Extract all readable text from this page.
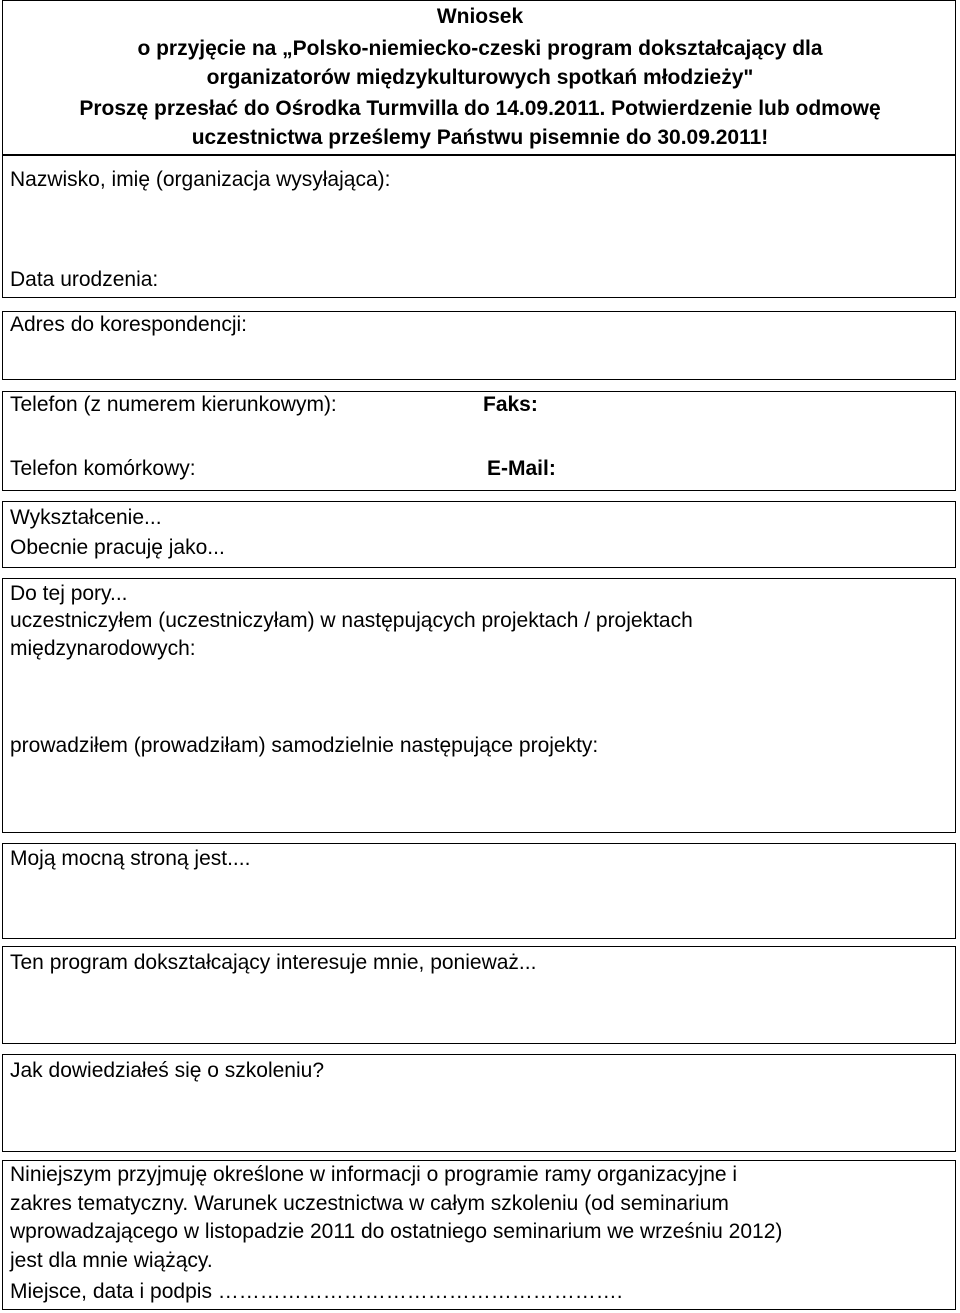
Wniosek
o przyjęcie na „Polsko-niemiecko-czeski program dokształcający dla
organizatorów międzykulturowych spotkań młodzieży"
Proszę przesłać do Ośrodka Turmvilla do 14.09.2011. Potwierdzenie lub odmowę
uczestnictwa prześlemy Państwu pisemnie do 30.09.2011!
Nazwisko, imię (organizacja wysyłająca):
Data urodzenia:
Adres do korespondencji:
Telefon (z numerem kierunkowym):	Faks:
Telefon komórkowy:	E-Mail:
Wykształcenie...
Obecnie pracuję jako...
Do tej pory...
uczestniczyłem (uczestniczyłam) w następujących projektach / projektach
międzynarodowych:
prowadziłem (prowadziłam) samodzielnie następujące projekty:
Moją mocną stroną jest....
Ten program dokształcający interesuje mnie, ponieważ...
Jak dowiedziałeś się o szkoleniu?
Niniejszym przyjmuję określone w informacji o programie ramy organizacyjne i
zakres tematyczny. Warunek uczestnictwa w całym szkoleniu (od seminarium
wprowadzającego w listopadzie 2011 do ostatniego seminarium we wrześniu 2012)
jest dla mnie wiążący.
Miejsce, data i podpis ………………………………………………….
